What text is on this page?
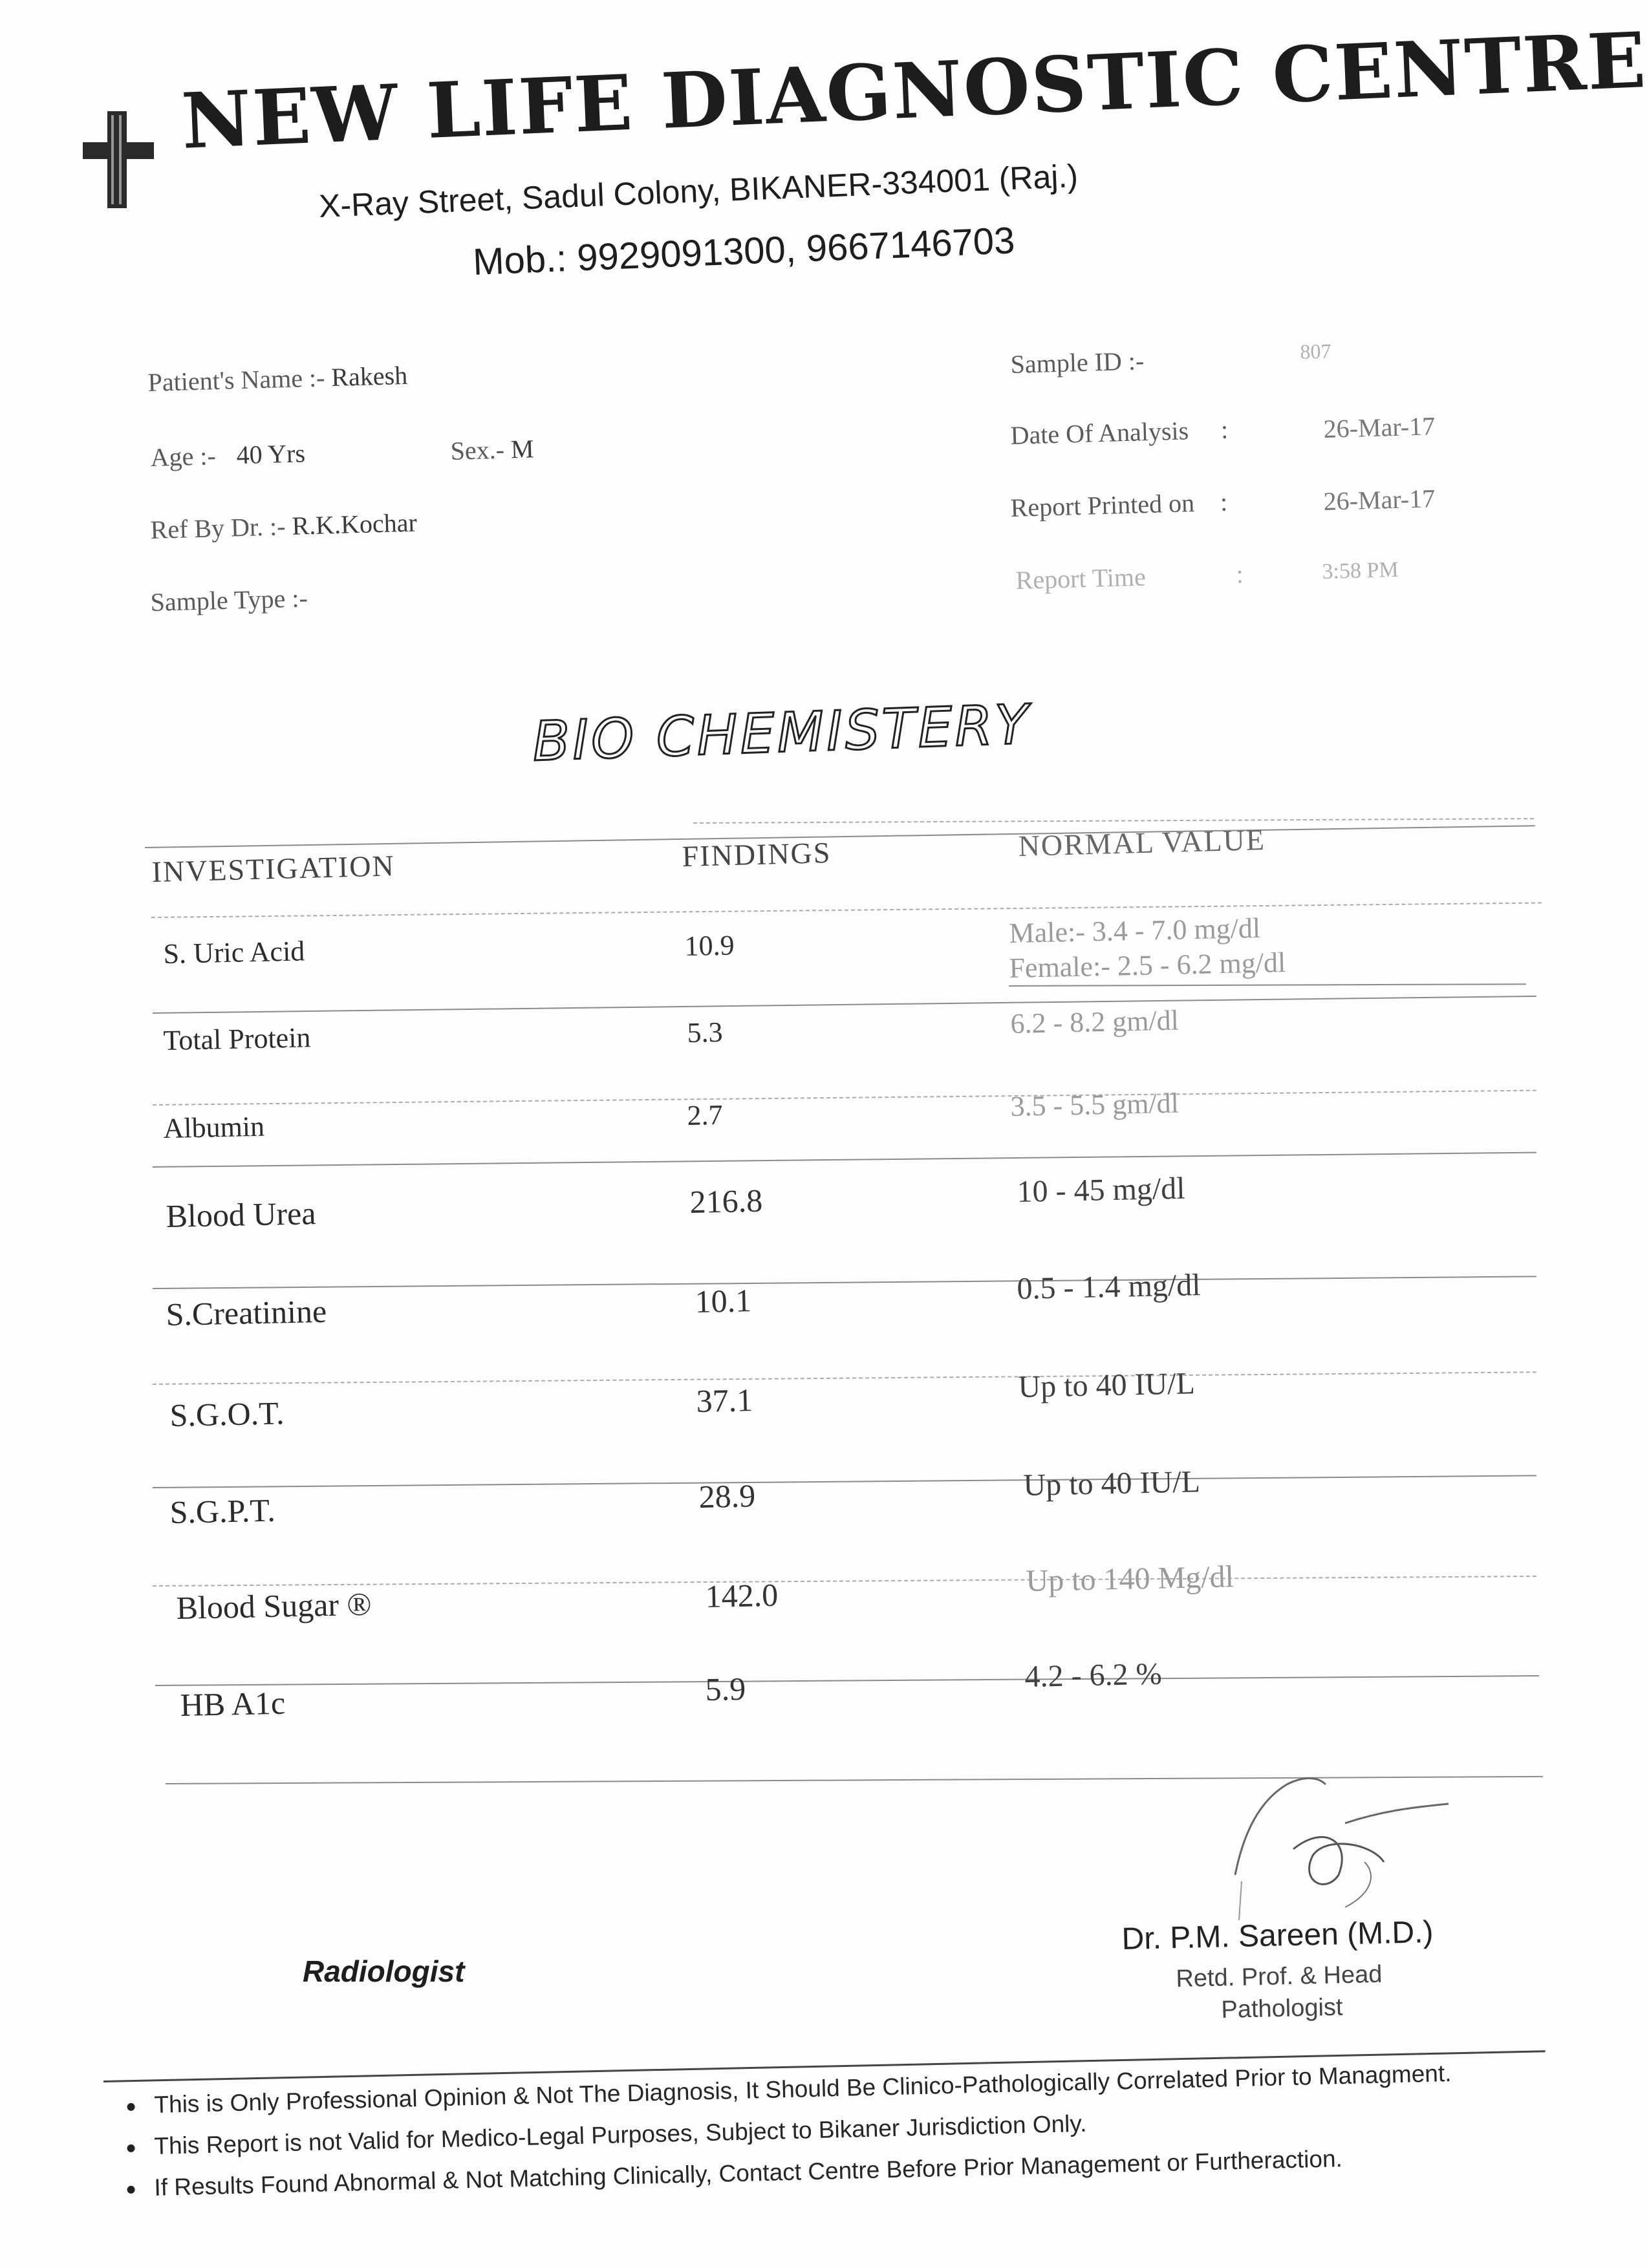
NEW LIFE DIAGNOSTIC CENTRE
X-Ray Street, Sadul Colony, BIKANER-334001 (Raj.)
Mob.: 9929091300, 9667146703
Patient's Name :- Rakesh
Age :- 40 Yrs	Sex.- M
Ref By Dr. :- R.K.Kochar
Sample Type :-
Sample ID :-	807
Date Of Analysis :	26-Mar-17
Report Printed on :	26-Mar-17
Report Time	:	3:58 PM
BIO CHEMISTERY
INVESTIGATION	FINDINGS	NORMAL VALUE
S. Uric Acid	10.9	Male:- 3.4 - 7.0 mg/dl
Female:- 2.5 - 6.2 mg/dl
Total Protein	5.3	6.2 - 8.2 gm/dl
Albumin	2.7	3.5 - 5.5 gm/dl
Blood Urea	216.8	10 - 45 mg/dl
S.Creatinine	10.1	0.5 - 1.4 mg/dl
S.G.O.T.	37.1	Up to 40 IU/L
S.G.P.T.	28.9	Up to 40 IU/L
Blood Sugar ®	142.0	Up to 140 Mg/dl
HB A1c	5.9	4.2 - 6.2 %
Dr. P.M. Sareen (M.D.)
Retd. Prof. & Head
Pathologist
Radiologist
This is Only Professional Opinion & Not The Diagnosis, It Should Be Clinico-Pathologically Correlated Prior to Managment.
This Report is not Valid for Medico-Legal Purposes, Subject to Bikaner Jurisdiction Only.
If Results Found Abnormal & Not Matching Clinically, Contact Centre Before Prior Management or Furtheraction.
